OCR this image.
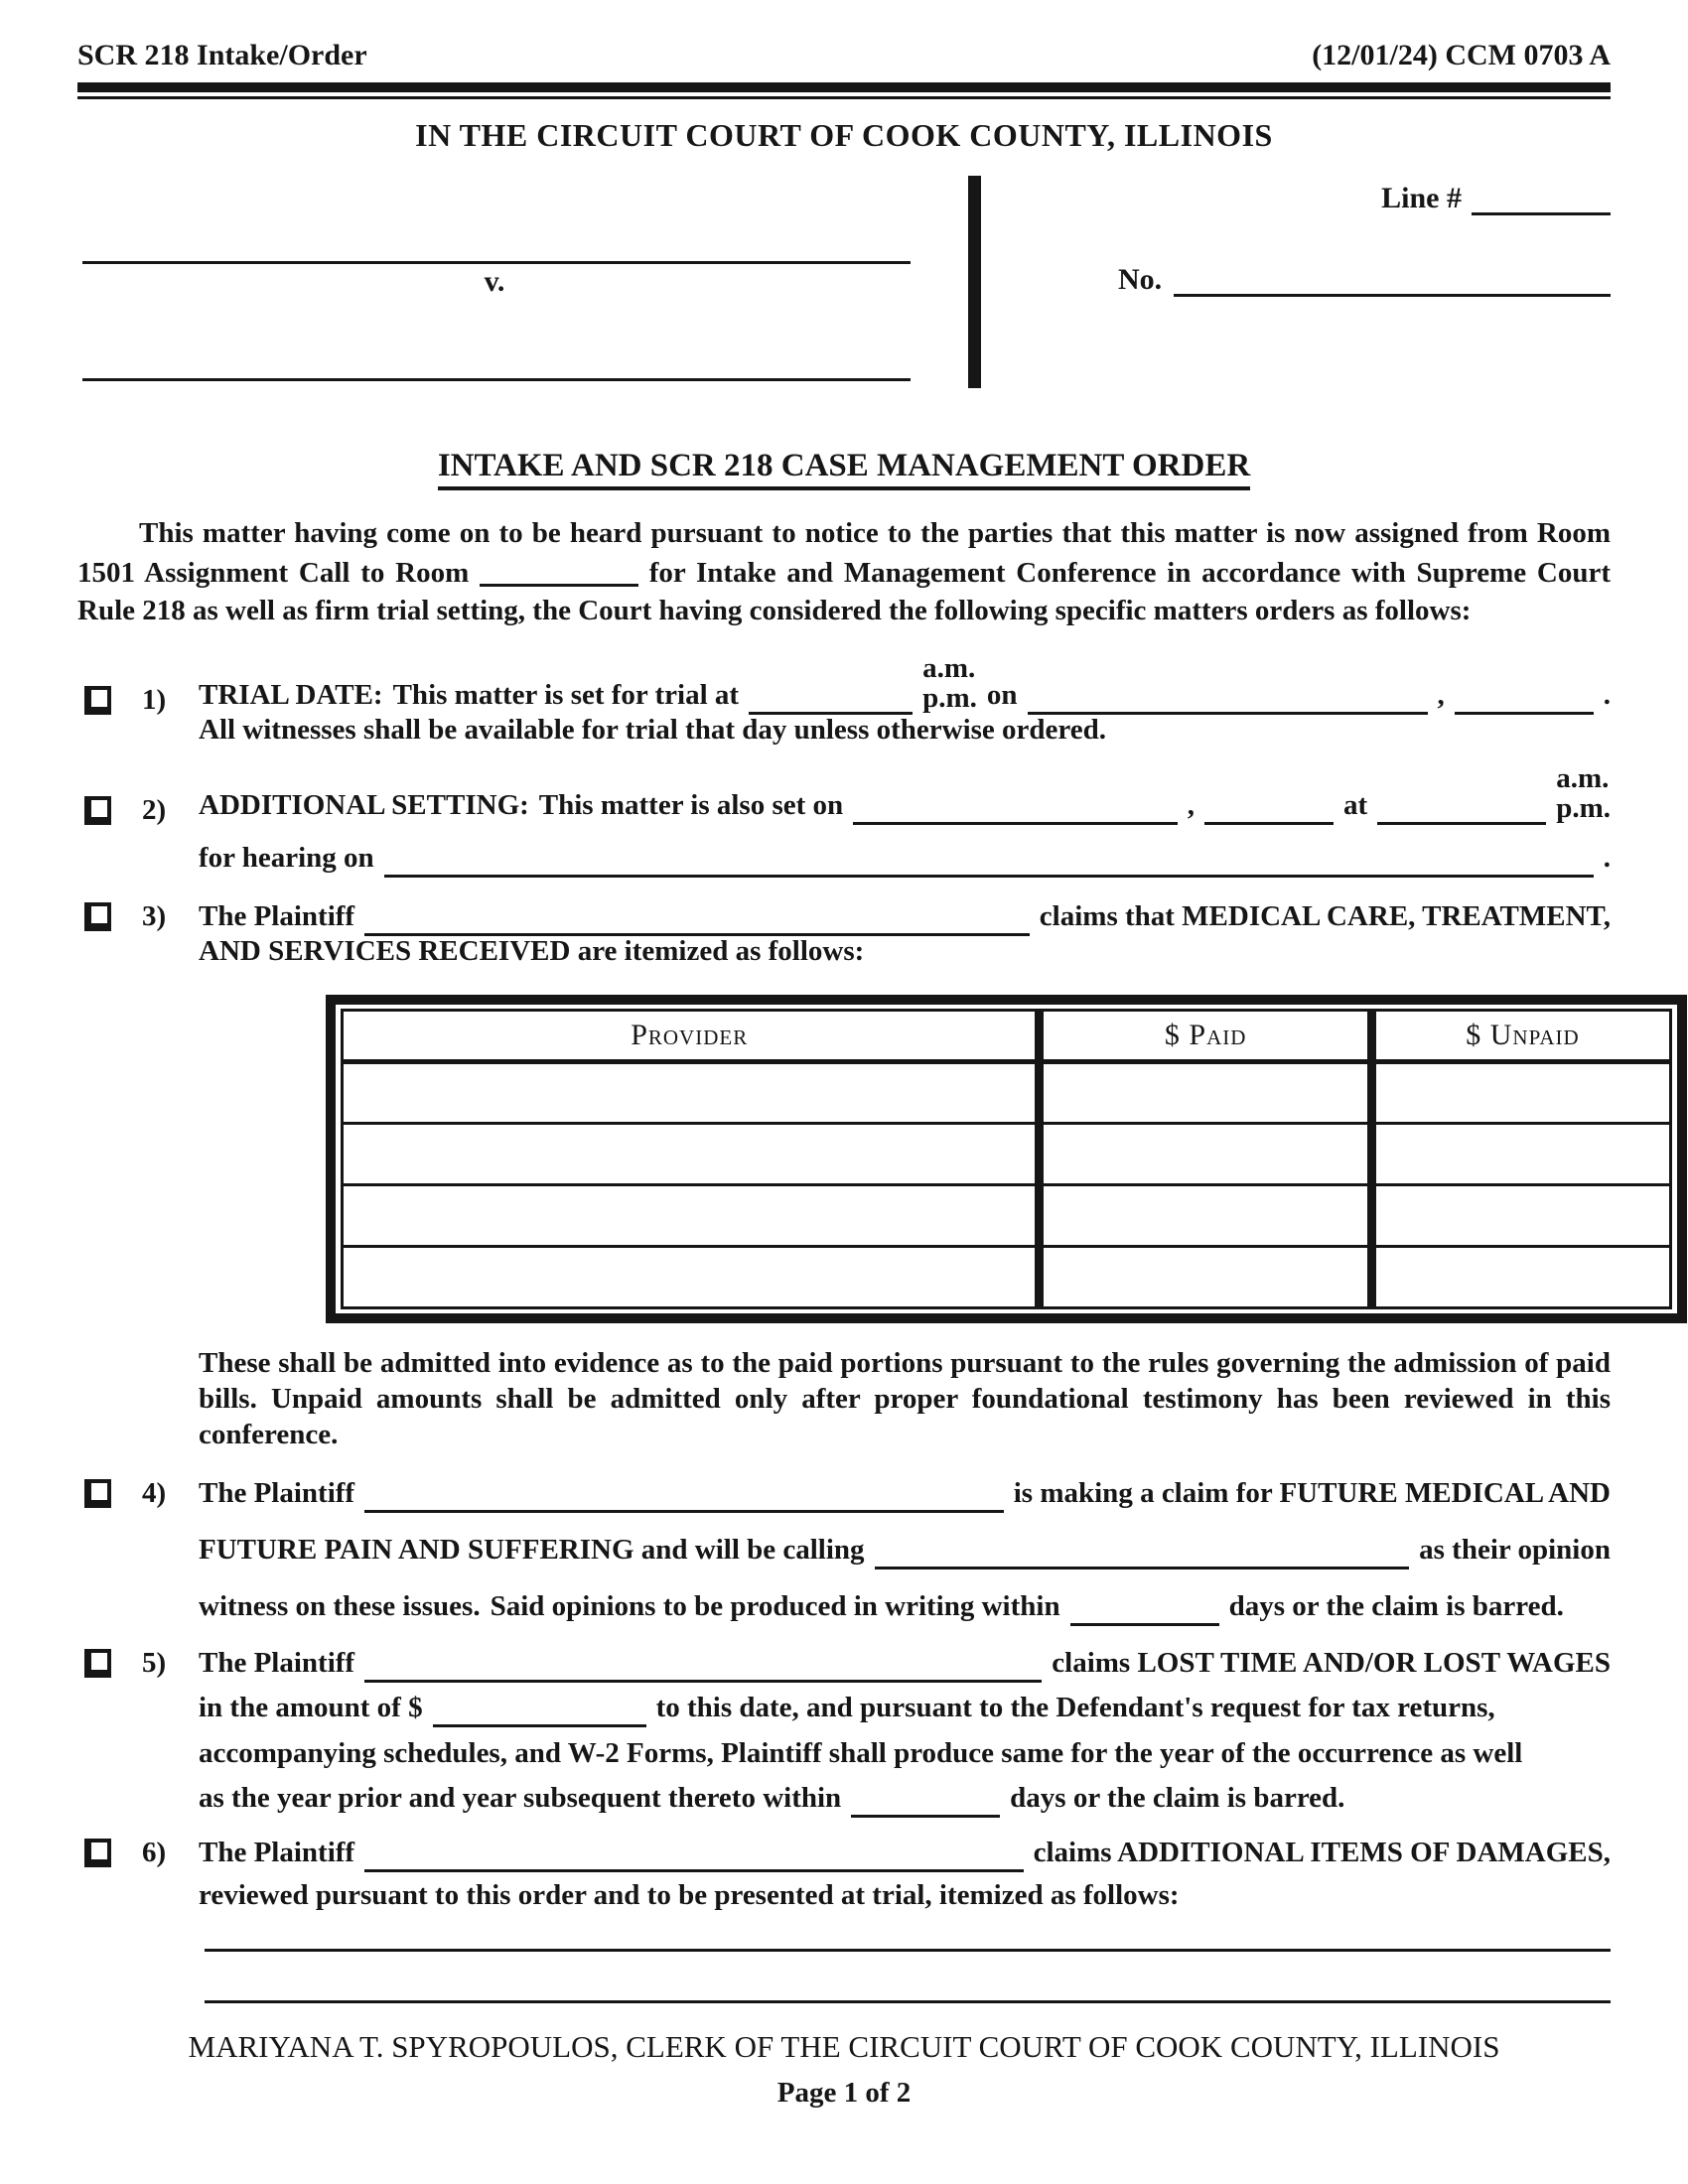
SCR 218 Intake/Order	(12/01/24) CCM 0703 A
IN THE CIRCUIT COURT OF COOK COUNTY, ILLINOIS
v.
Line #
No.
INTAKE AND SCR 218 CASE MANAGEMENT ORDER

This matter having come on to be heard pursuant to notice to the parties that this matter is now assigned from Room 1501 Assignment Call to Room	for Intake and Management Conference in accordance with Supreme Court Rule 218 as well as firm trial setting, the Court having considered the following specific matters orders as follows:

1)	TRIAL DATE: This matter is set for trial at
a.m.
p.m. on	,	.
All witnesses shall be available for trial that day unless otherwise ordered.
2)	ADDITIONAL SETTING: This matter is also set on	,	at
a.m.
p.m.
for hearing on	.
3)	The Plaintiff	claims that MEDICAL CARE, TREATMENT,
AND SERVICES RECEIVED are itemized as follows:
Provider	$ Paid	$ Unpaid

These shall be admitted into evidence as to the paid portions pursuant to the rules governing the admission of paid bills. Unpaid amounts shall be admitted only after proper foundational testimony has been reviewed in this conference.
4)	The Plaintiff	is making a claim for FUTURE MEDICAL AND
FUTURE PAIN AND SUFFERING and will be calling	as their opinion
witness on these issues. Said opinions to be produced in writing within	days or the claim is barred.
5)	The Plaintiff	claims LOST TIME AND/OR LOST WAGES
in the amount of $	to this date, and pursuant to the Defendant's request for tax returns,
accompanying schedules, and W-2 Forms, Plaintiff shall produce same for the year of the occurrence as well
as the year prior and year subsequent thereto within	days or the claim is barred.
6)	The Plaintiff	claims ADDITIONAL ITEMS OF DAMAGES,
reviewed pursuant to this order and to be presented at trial, itemized as follows:
MARIYANA T. SPYROPOULOS, CLERK OF THE CIRCUIT COURT OF COOK COUNTY, ILLINOIS
Page 1 of 2
